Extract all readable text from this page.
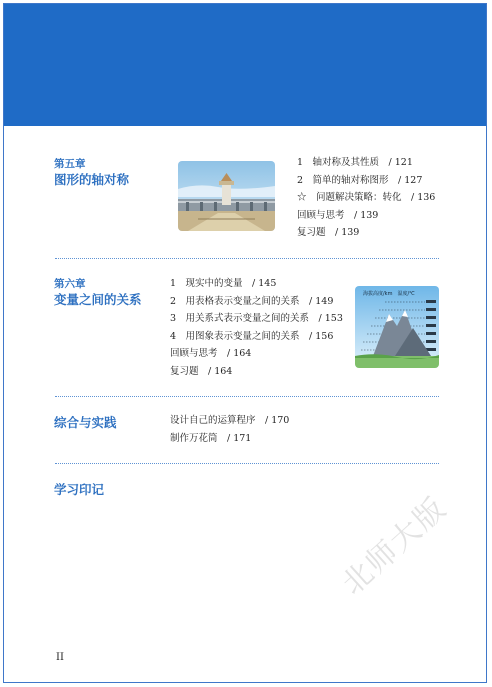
第五章
图形的轴对称
1　轴对称及其性质　/ 121
2　简单的轴对称图形　/ 127
☆　问题解决策略：转化　/ 136
回顾与思考　/ 139
复习题　/ 139
第六章
变量之间的关系
1　现实中的变量　/ 145
2　用表格表示变量之间的关系　/ 149
3　用关系式表示变量之间的关系　/ 153
4　用图象表示变量之间的关系　/ 156
回顾与思考　/ 164
复习题　/ 164
海拔高度/km　温度/℃
综合与实践	设计自己的运算程序　/ 170
制作万花筒　/ 171
学习印记
北师大版
II
